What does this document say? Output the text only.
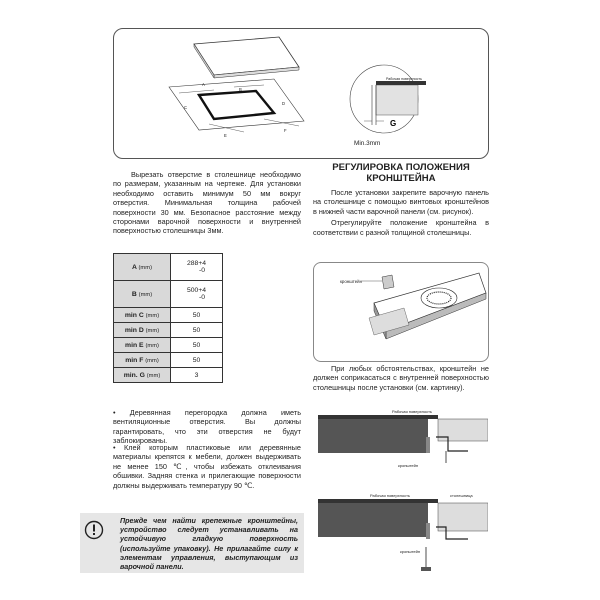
A
B
C
D
E
F
Рабочая поверхность
G
Min.3mm

Вырезать отверстие в столешнице необходимо по размерам, указанным на чертеже. Для установки необходимо оставить минимум 50 мм вокруг отверстия. Минимальная толщина рабочей поверхности 30 мм. Безопасное расстояние между сторонами варочной поверхности и внутренней поверхностью столешницы 3мм.

A (mm)	288+4
-0

B (mm)	500+4
-0

min C (mm)	50

min D (mm)	50

min E (mm)	50

min F (mm)	50

min. G (mm)	3

• Деревянная перегородка должна иметь вентиляционные отверстия. Вы должны гарантировать, что эти отверстия не будут заблокированы.

• Клей которым пластиковые или деревянные материалы крепятся к мебели, должен выдерживать не менее 150 ℃, чтобы избежать отклеивания обшивки. Задняя стенка и прилегающие поверхности должны выдерживать температуру 90 ℃.

Прежде чем найти крепежные кронштейны, устройство следует устанавливать на устойчивую гладкую поверхность (используйте упаковку). Не прилагайте силу к элементам управления, выступающим из варочной панели.

РЕГУЛИРОВКА ПОЛОЖЕНИЯ
КРОНШТЕЙНА

После установки закрепите варочную панель на столешнице с помощью винтовых кронштейнов в нижней части варочной панели (см. рисунок).

Отрегулируйте положение кронштейна в соответствии с разной толщиной столешницы.

кронштейн

При любых обстоятельствах, кронштейн не должен соприкасаться с внутренней поверхностью столешницы после установки (см. картинку).

Рабочая поверхность
кронштейн
Рабочая поверхность	столешница
кронштейн
